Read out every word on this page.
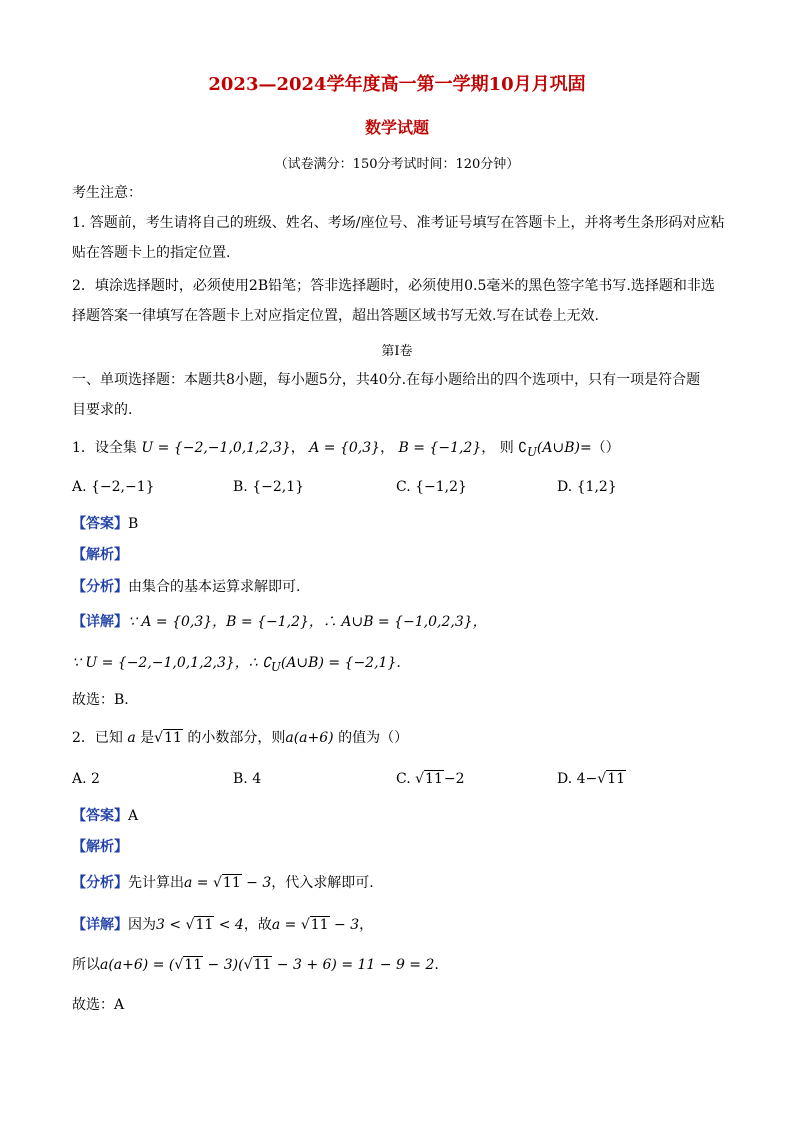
2023—2024学年度高一第一学期10月月巩固
数学试题
（试卷满分：150分考试时间：120分钟）
考生注意：
1. 答题前，考生请将自己的班级、姓名、考场/座位号、准考证号填写在答题卡上，并将考生条形码对应粘
贴在答题卡上的指定位置.
2．填涂选择题时，必须使用2B铅笔；答非选择题时，必须使用0.5毫米的黑色签字笔书写.选择题和非选
择题答案一律填写在答题卡上对应指定位置，超出答题区域书写无效.写在试卷上无效.
第Ⅰ卷
一、单项选择题：本题共8小题，每小题5分，共40分.在每小题给出的四个选项中，只有一项是符合题
目要求的.
1．设全集 U = {−2,−1,0,1,2,3}， A = {0,3}， B = {−1,2}， 则 $∁_U(A\cup B)=()$
A. {−2,−1}	B. {−2,1}	C. {−1,2}	D. {1,2}
【答案】B
【解析】
【分析】由集合的基本运算求解即可.
【详解】∵ A = {0,3}，B = {−1,2}，∴ A∪B = {−1,0,2,3}，
∵ U = {−2,−1,0,1,2,3}，∴ $∁_U(A\cup B) = \{-2,1\}$.
故选：B.
2．已知 a 是√11 的小数部分，则a(a+6) 的值为（）
A. 2	B. 4	C. √11−2	D. 4−√11
【答案】A
【解析】
【分析】先计算出a = √11 − 3，代入求解即可.
【详解】因为3 < √11 < 4，故a = √11 − 3，
所以a(a+6) = (√11 − 3)(√11 − 3 + 6) = 11 − 9 = 2.
故选：A
